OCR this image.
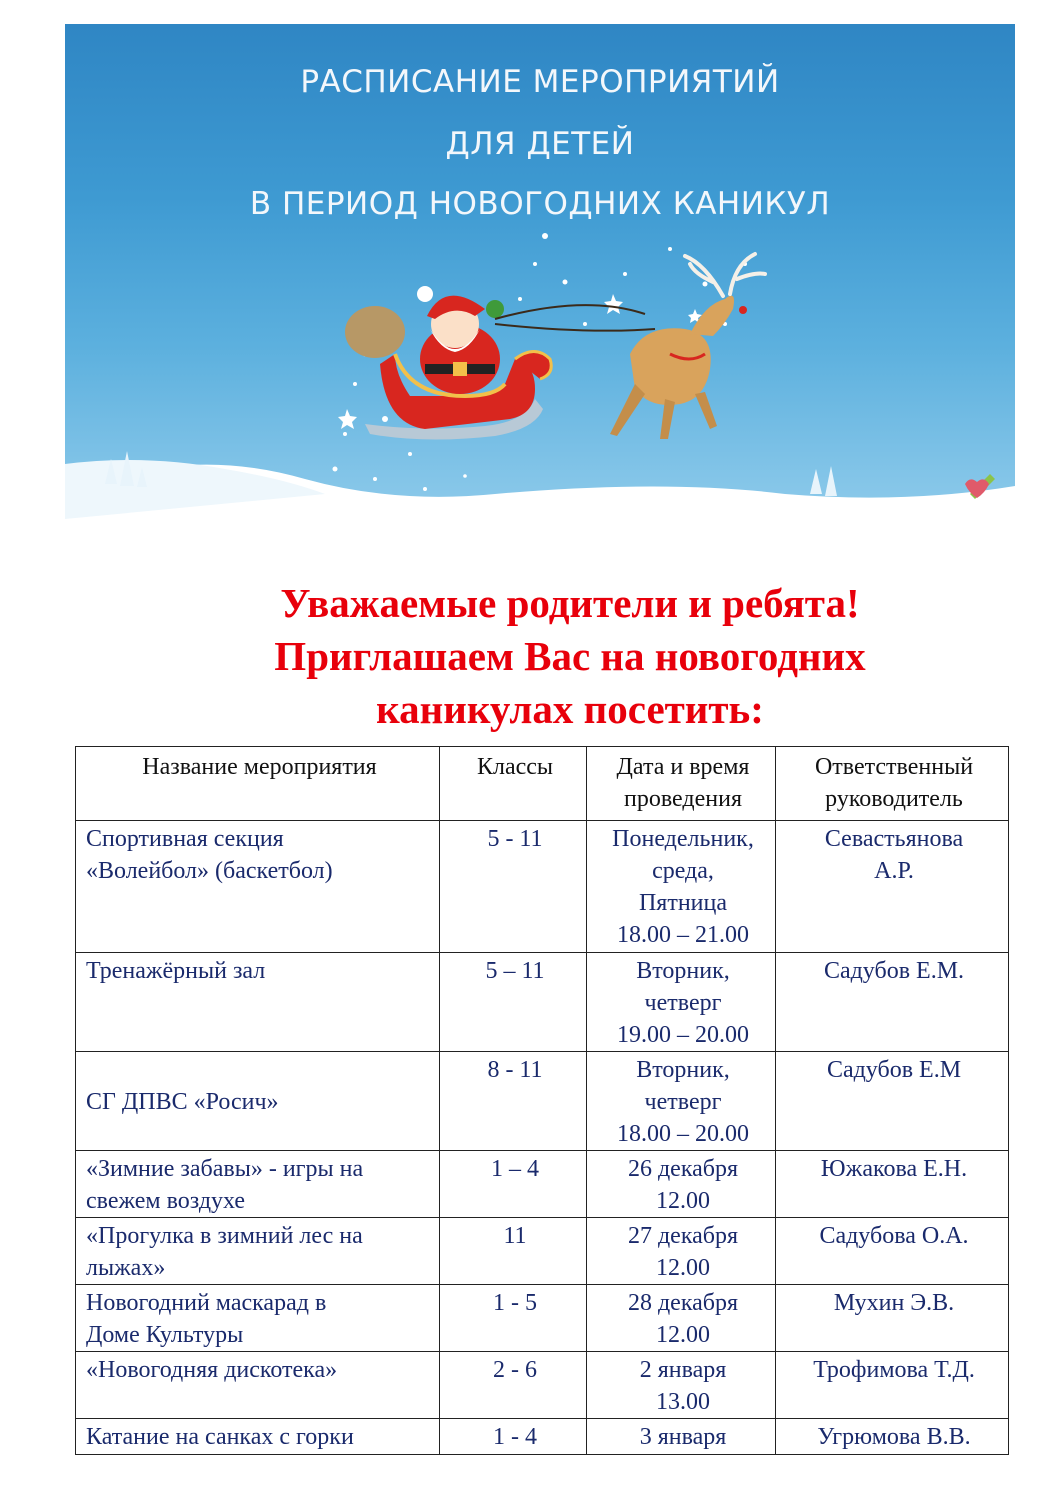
РАСПИСАНИЕ МЕРОПРИЯТИЙ
ДЛЯ ДЕТЕЙ
В ПЕРИОД НОВОГОДНИХ КАНИКУЛ
Уважаемые родители и ребята!
Приглашаем Вас на новогодних
каникулах посетить:
Название мероприятия	Классы	Дата и время
проведения	Ответственный
руководитель

Спортивная секция
«Волейбол» (баскетбол)	5 - 11	Понедельник,
среда,
Пятница
18.00 – 21.00	Севастьянова
А.Р.

Тренажёрный зал	5 – 11	Вторник,
четверг
19.00 – 20.00	Садубов Е.М.

СГ ДПВС «Росич»	8 - 11	Вторник,
четверг
18.00 – 20.00	Садубов Е.М

«Зимние забавы» - игры на
свежем воздухе	1 – 4	26 декабря
12.00	Южакова Е.Н.

«Прогулка в зимний лес на
лыжах»	11	27 декабря
12.00	Садубова О.А.

Новогодний маскарад в
Доме Культуры	1 - 5	28 декабря
12.00	Мухин Э.В.

«Новогодняя дискотека»	2 - 6	2 января
13.00	Трофимова Т.Д.

Катание на санках с горки	1 - 4	3 января	Угрюмова В.В.
